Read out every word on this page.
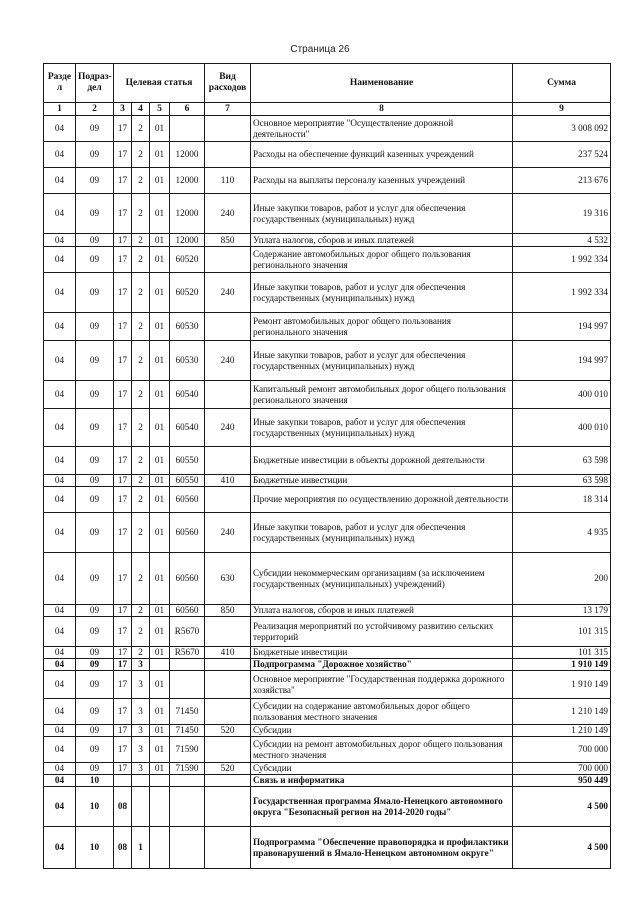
Страница 26
Разде л	Подраз- дел	Целевая статья				Вид расходов	Наименование	Сумма
1	2	3	4	5	6	7	8	9
04	09	17	2	01			Основное мероприятие "Осуществление дорожной деятельности"	3 008 092
04	09	17	2	01	12000		Расходы на обеспечение функций казенных учреждений	237 524
04	09	17	2	01	12000	110	Расходы на выплаты персоналу казенных учреждений	213 676
04	09	17	2	01	12000	240	Иные закупки товаров, работ и услуг для обеспечения государственных (муниципальных) нужд	19 316
04	09	17	2	01	12000	850	Уплата налогов, сборов и иных платежей	4 532
04	09	17	2	01	60520		Содержание автомобильных дорог общего пользования регионального значения	1 992 334
04	09	17	2	01	60520	240	Иные закупки товаров, работ и услуг для обеспечения государственных (муниципальных) нужд	1 992 334
04	09	17	2	01	60530		Ремонт автомобильных дорог общего пользования регионального значения	194 997
04	09	17	2	01	60530	240	Иные закупки товаров, работ и услуг для обеспечения государственных (муниципальных) нужд	194 997
04	09	17	2	01	60540		Капитальный ремонт автомобильных дорог общего пользования регионального значения	400 010
04	09	17	2	01	60540	240	Иные закупки товаров, работ и услуг для обеспечения государственных (муниципальных) нужд	400 010
04	09	17	2	01	60550		Бюджетные инвестиции в объекты дорожной деятельности	63 598
04	09	17	2	01	60550	410	Бюджетные инвестиции	63 598
04	09	17	2	01	60560		Прочие мероприятия по осуществлению дорожной деятельности	18 314
04	09	17	2	01	60560	240	Иные закупки товаров, работ и услуг для обеспечения государственных (муниципальных) нужд	4 935
04	09	17	2	01	60560	630	Субсидии некоммерческим организациям (за исключением государственных (муниципальных) учреждений)	200
04	09	17	2	01	60560	850	Уплата налогов, сборов и иных платежей	13 179
04	09	17	2	01	R5670		Реализация мероприятий по устойчивому развитию сельских территорий	101 315
04	09	17	2	01	R5670	410	Бюджетные инвестиции	101 315
04	09	17	3				Подпрограмма "Дорожное хозяйство"	1 910 149
04	09	17	3	01			Основное мероприятие "Государственная поддержка дорожного хозяйства"	1 910 149
04	09	17	3	01	71450		Субсидии на содержание автомобильных дорог общего пользования местного значения	1 210 149
04	09	17	3	01	71450	520	Субсидии	1 210 149
04	09	17	3	01	71590		Субсидии на ремонт автомобильных дорог общего пользования местного значения	700 000
04	09	17	3	01	71590	520	Субсидии	700 000
04	10						Связь и информатика	950 449
04	10	08					Государственная программа Ямало-Ненецкого автономного округа "Безопасный регион на 2014-2020 годы"	4 500
04	10	08	1				Подпрограмма "Обеспечение правопорядка и профилактики правонарушений в Ямало-Ненецком автономном округе"	4 500
